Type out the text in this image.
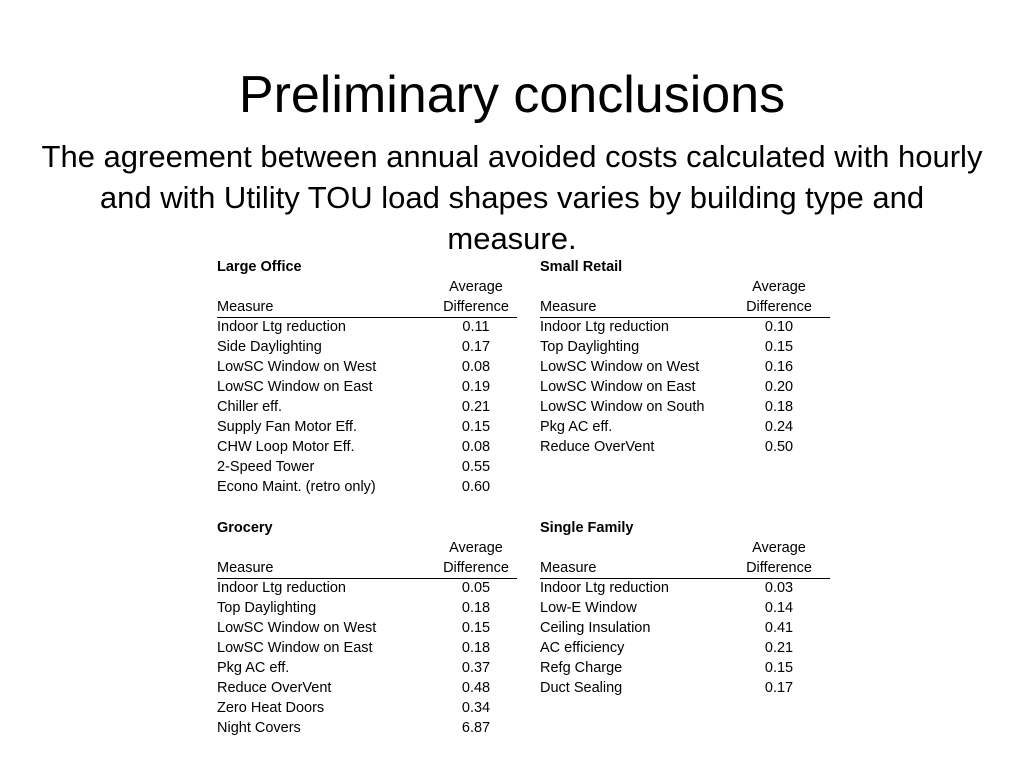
Preliminary conclusions

The agreement between annual avoided costs calculated with hourly and with Utility TOU load shapes varies by building type and measure.

Large Office
Average
Measure	Difference
Indoor Ltg reduction	0.11
Side Daylighting	0.17
LowSC Window on West	0.08
LowSC Window on East	0.19
Chiller eff.	0.21
Supply Fan Motor Eff.	0.15
CHW Loop Motor Eff.	0.08
2-Speed Tower	0.55
Econo Maint. (retro only)	0.60
Small Retail
Average
Measure	Difference
Indoor Ltg reduction	0.10
Top Daylighting	0.15
LowSC Window on West	0.16
LowSC Window on East	0.20
LowSC Window on South	0.18
Pkg AC eff.	0.24
Reduce OverVent	0.50
Grocery
Average
Measure	Difference
Indoor Ltg reduction	0.05
Top Daylighting	0.18
LowSC Window on West	0.15
LowSC Window on East	0.18
Pkg AC eff.	0.37
Reduce OverVent	0.48
Zero Heat Doors	0.34
Night Covers	6.87
Single Family
Average
Measure	Difference
Indoor Ltg reduction	0.03
Low-E Window	0.14
Ceiling Insulation	0.41
AC efficiency	0.21
Refg Charge	0.15
Duct Sealing	0.17
